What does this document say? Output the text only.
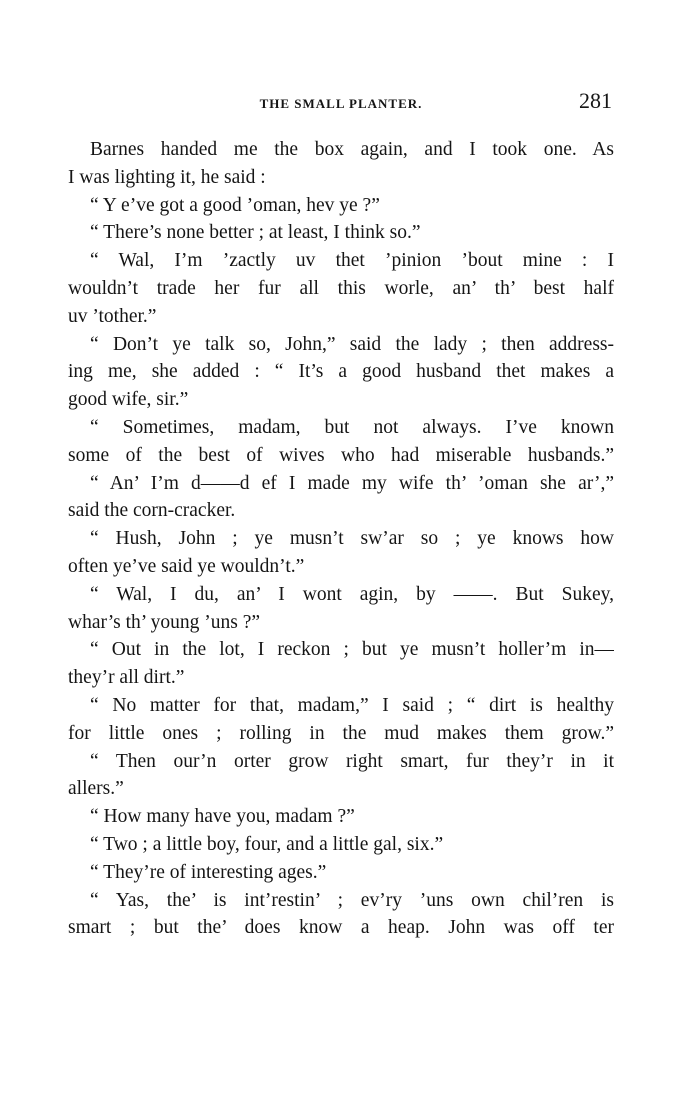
THE SMALL PLANTER.	281
Barnes handed me the box again, and I took one. As
I was lighting it, he said :
“ Y e’ve got a good ’oman, hev ye ?”
“ There’s none better ; at least, I think so.”
“ Wal, I’m ’zactly uv thet ’pinion ’bout mine : I
wouldn’t trade her fur all this worle, an’ th’ best half
uv ’tother.”
“ Don’t ye talk so, John,” said the lady ; then address-
ing me, she added : “ It’s a good husband thet makes a
good wife, sir.”
“ Sometimes, madam, but not always. I’ve known
some of the best of wives who had miserable husbands.”
“ An’ I’m d——d ef I made my wife th’ ’oman she ar’,”
said the corn-cracker.
“ Hush, John ; ye musn’t sw’ar so ; ye knows how
often ye’ve said ye wouldn’t.”
“ Wal, I du, an’ I wont agin, by ——. But Sukey,
whar’s th’ young ’uns ?”
“ Out in the lot, I reckon ; but ye musn’t holler’m in—
they’r all dirt.”
“ No matter for that, madam,” I said ; “ dirt is healthy
for little ones ; rolling in the mud makes them grow.”
“ Then our’n orter grow right smart, fur they’r in it
allers.”
“ How many have you, madam ?”
“ Two ; a little boy, four, and a little gal, six.”
“ They’re of interesting ages.”
“ Yas, the’ is int’restin’ ; ev’ry ’uns own chil’ren is
smart ; but the’ does know a heap. John was off ter
